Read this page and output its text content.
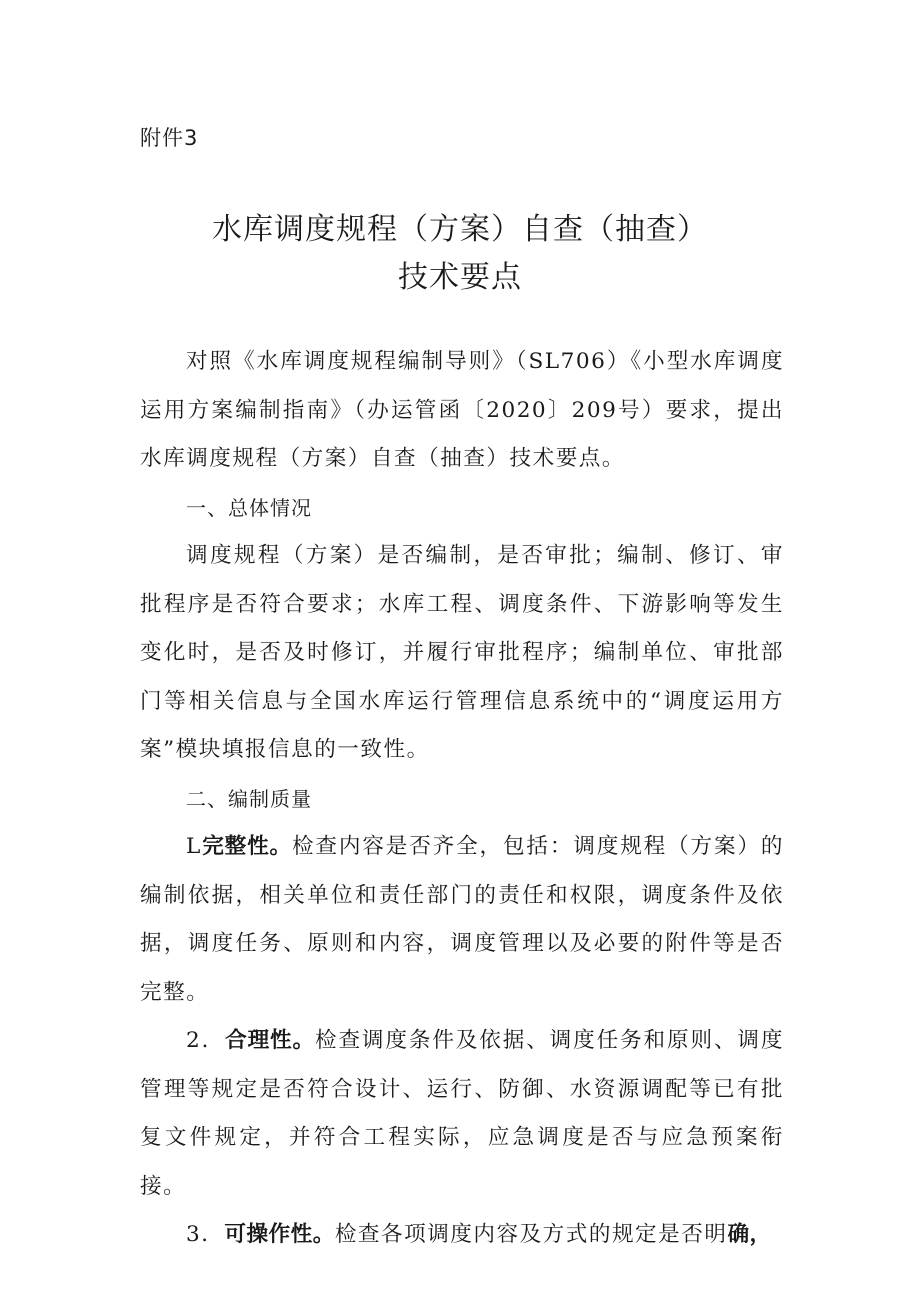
附件3
水库调度规程（方案）自查（抽查）
技术要点

对照《水库调度规程编制导则》（SL706）《小型水库调度运用方案编制指南》（办运管函〔2020〕209号）要求，提出水库调度规程（方案）自查（抽查）技术要点。

一、总体情况

调度规程（方案）是否编制，是否审批；编制、修订、审批程序是否符合要求；水库工程、调度条件、下游影响等发生变化时，是否及时修订，并履行审批程序；编制单位、审批部门等相关信息与全国水库运行管理信息系统中的“调度运用方案”模块填报信息的一致性。

二、编制质量

L完整性。检查内容是否齐全，包括：调度规程（方案）的编制依据，相关单位和责任部门的责任和权限，调度条件及依据，调度任务、原则和内容，调度管理以及必要的附件等是否完整。

2．合理性。检查调度条件及依据、调度任务和原则、调度管理等规定是否符合设计、运行、防御、水资源调配等已有批复文件规定，并符合工程实际，应急调度是否与应急预案衔接。

3．可操作性。检查各项调度内容及方式的规定是否明确，
